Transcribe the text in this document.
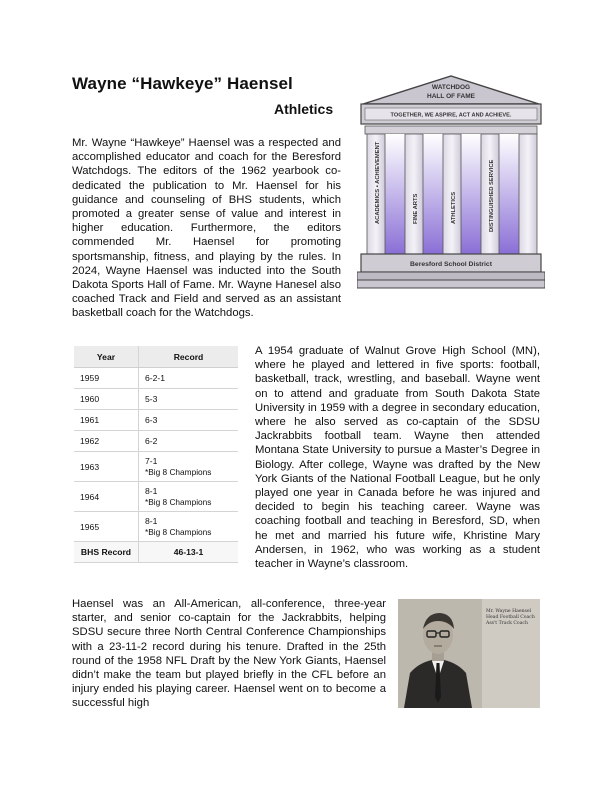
Wayne “Hawkeye” Haensel
Athletics

Mr. Wayne “Hawkeye” Haensel was a respected and accomplished educator and coach for the Beresford Watchdogs. The editors of the 1962 yearbook co-dedicated the publication to Mr. Haensel for his guidance and counseling of BHS students, which promoted a greater sense of value and interest in higher education. Furthermore, the editors commended Mr. Haensel for promoting sportsmanship, fitness, and playing by the rules. In 2024, Wayne Haensel was inducted into the South Dakota Sports Hall of Fame. Mr. Wayne Hanesel also coached Track and Field and served as an assistant basketball coach for the Watchdogs.

WATCHDOG
HALL OF FAME
TOGETHER, WE ASPIRE, ACT AND ACHIEVE.
ACADEMICS • ACHIEVEMENT	FINE ARTS	ATHLETICS	DISTINGUISHED SERVICE
Beresford School District
Year	Record
1959	6-2-1
1960	5-3
1961	6-3
1962	6-2
1963	7-1
*Big 8 Champions

1964	8-1
*Big 8 Champions

1965	8-1
*Big 8 Champions

BHS Record	46-13-1

A 1954 graduate of Walnut Grove High School (MN), where he played and lettered in five sports: football, basketball, track, wrestling, and baseball. Wayne went on to attend and graduate from South Dakota State University in 1959 with a degree in secondary education, where he also served as co-captain of the SDSU Jackrabbits football team. Wayne then attended Montana State University to pursue a Master’s Degree in Biology. After college, Wayne was drafted by the New York Giants of the National Football League, but he only played one year in Canada before he was injured and decided to begin his teaching career. Wayne was coaching football and teaching in Beresford, SD, when he met and married his future wife, Khristine Mary Andersen, in 1962, who was working as a student teacher in Wayne’s classroom.

Haensel was an All-American, all-conference, three-year starter, and senior co-captain for the Jackrabbits, helping SDSU secure three North Central Conference Championships with a 23-11-2 record during his tenure. Drafted in the 25th round of the 1958 NFL Draft by the New York Giants, Haensel didn’t make the team but played briefly in the CFL before an injury ended his playing career. Haensel went on to become a successful high

Mr. Wayne Haensel
Head Football Coach
Ass't Track Coach
